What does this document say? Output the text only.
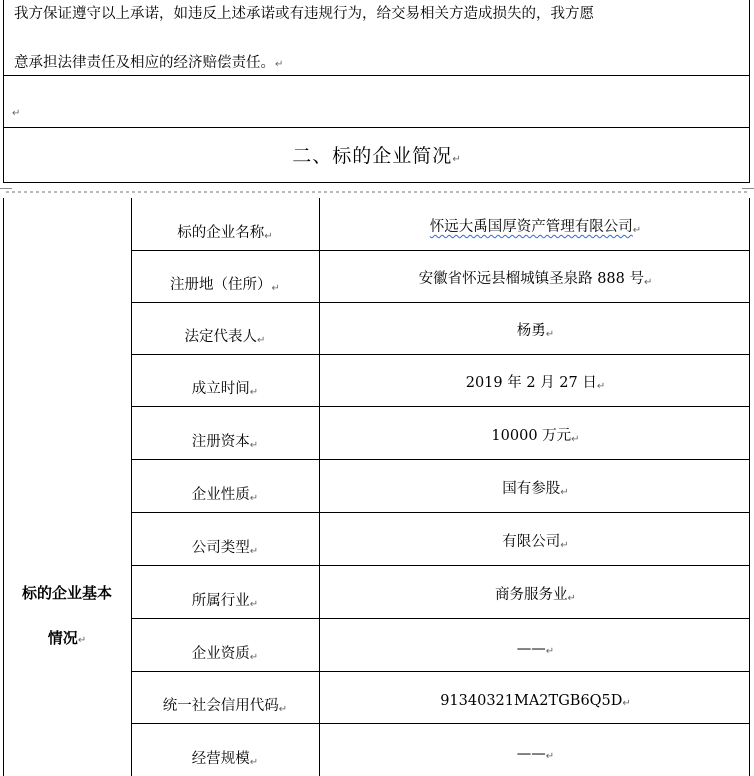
我方保证遵守以上承诺，如违反上述承诺或有违规行为，给交易相关方造成损失的，我方愿
意承担法律责任及相应的经济赔偿责任。↵
↵
二、标的企业简况↵
标的企业名称 ↵
怀远大禹国厚资产管理有限公司 ↵
注册地（住所） ↵
安徽省怀远县榴城镇圣泉路 888 号 ↵
法定代表人 ↵
杨勇 ↵
成立时间 ↵
2019 年 2 月 27 日 ↵
注册资本 ↵
10000 万元 ↵
企业性质 ↵
国有参股 ↵
公司类型 ↵
有限公司 ↵
所属行业 ↵
商务服务业 ↵
企业资质 ↵
—— ↵
统一社会信用代码 ↵
91340321MA2TGB6Q5D ↵
经营规模 ↵
—— ↵
标的企业基本
情况↵
